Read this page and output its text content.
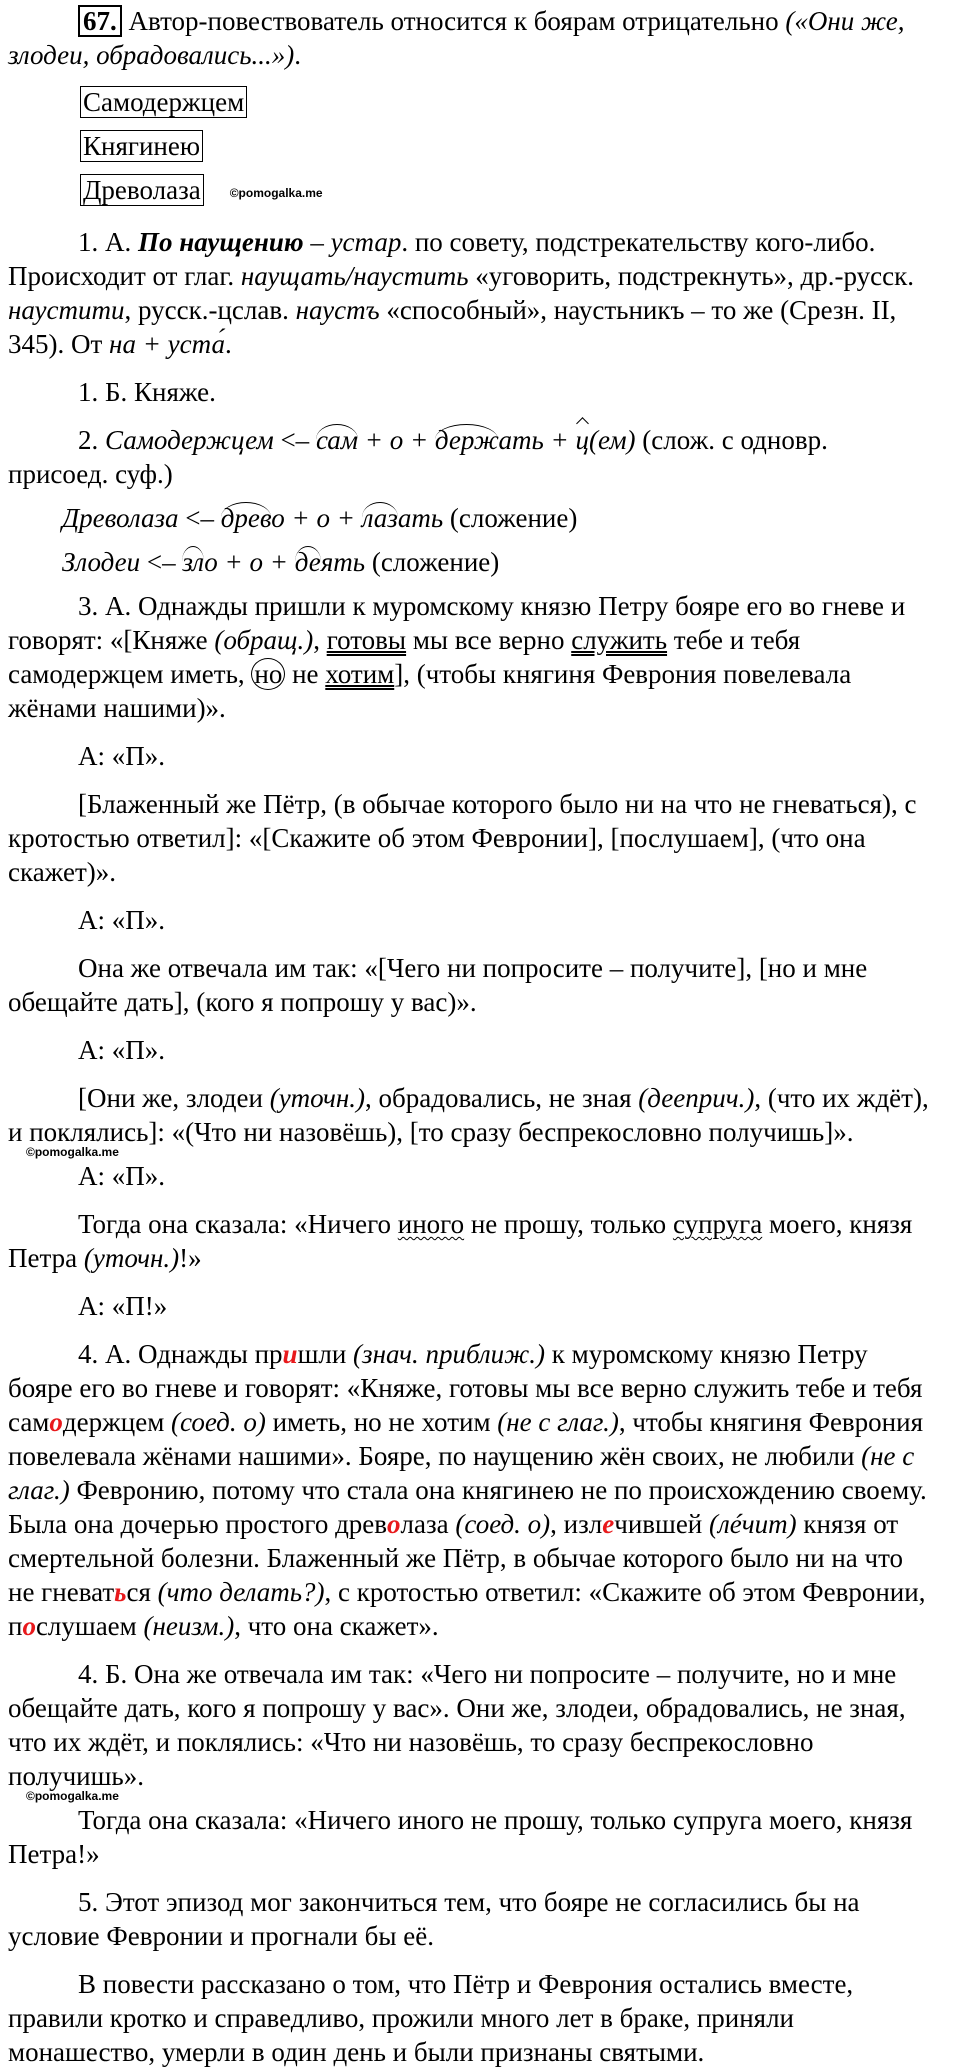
67. Автор-повествователь относится к боярам отрицательно («Они же, злодеи, обрадовались...»).

Самодержцем
Княгинею
Древолаза ©pomogalka.me

1. А. По наущению – устар. по совету, подстрекательству кого-либо. Происходит от глаг. наущать/наустить «уговорить, подстрекнуть», др.-русск. наустити, русск.-цслав. наустъ «способный», наустьникъ – то же (Срезн. II, 345). От на + уста́.

1. Б. Княже.

2. Самодержцем <– сам + о + держать + ц(ем) (слож. с одновр. присоед. суф.)

Древолаза <– древо + о + лазать (сложение)

Злодеи <– зло + о + деять (сложение)

3. А. Однажды пришли к муромскому князю Петру бояре его во гневе и говорят: «[Княже (обращ.), готовы мы все верно служить тебе и тебя самодержцем иметь, но не хотим], (чтобы княгиня Феврония повелевала жёнами нашими)».

А: «П».

[Блаженный же Пётр, (в обычае которого было ни на что не гневаться), с кротостью ответил]: «[Скажите об этом Февронии], [послушаем], (что она скажет)».

А: «П».

Она же отвечала им так: «[Чего ни попросите – получите], [но и мне обещайте дать], (кого я попрошу у вас)».

А: «П».

[Они же, злодеи (уточн.), обрадовались, не зная (дееприч.), (что их ждёт), и поклялись]: «(Что ни назовёшь), [то сразу беспрекословно получишь]».

©pomogalka.me

А: «П».

Тогда она сказала: «Ничего иного не прошу, только супруга моего, князя Петра (уточн.)!»

А: «П!»

4. А. Однажды пришли (знач. приближ.) к муромскому князю Петру бояре его во гневе и говорят: «Княже, готовы мы все верно служить тебе и тебя самодержцем (соед. о) иметь, но не хотим (не с глаг.), чтобы княгиня Феврония повелевала жёнами нашими». Бояре, по наущению жён своих, не любили (не с глаг.) Февронию, потому что стала она княгинею не по происхождению своему. Была она дочерью простого древолаза (соед. о), излечившей (лéчит) князя от смертельной болезни. Блаженный же Пётр, в обычае которого было ни на что не гневаться (что делать?), с кротостью ответил: «Скажите об этом Февронии, послушаем (неизм.), что она скажет».

4. Б. Она же отвечала им так: «Чего ни попросите – получите, но и мне обещайте дать, кого я попрошу у вас». Они же, злодеи, обрадовались, не зная, что их ждёт, и поклялись: «Что ни назовёшь, то сразу беспрекословно получишь».

©pomogalka.me

Тогда она сказала: «Ничего иного не прошу, только супруга моего, князя Петра!»

5. Этот эпизод мог закончиться тем, что бояре не согласились бы на условие Февронии и прогнали бы её.

В повести рассказано о том, что Пётр и Феврония остались вместе, правили кротко и справедливо, прожили много лет в браке, приняли монашество, умерли в один день и были признаны святыми.
